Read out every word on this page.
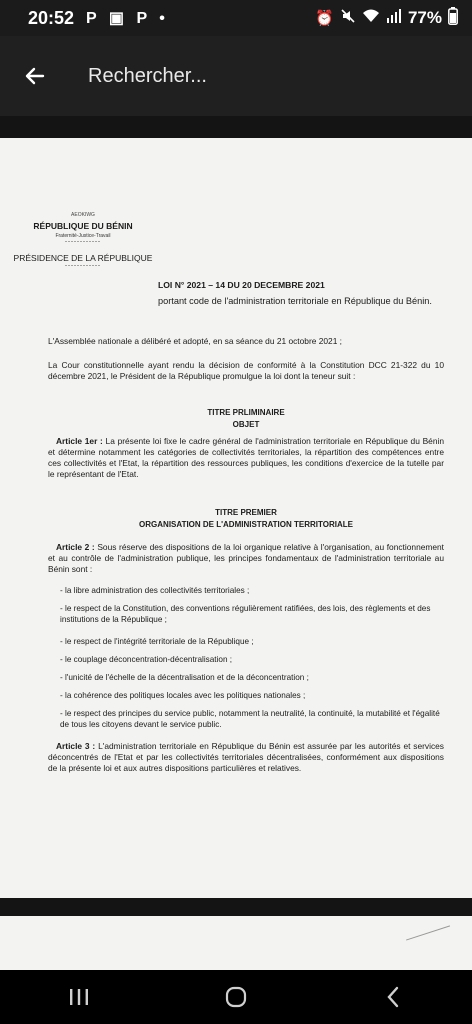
20:52 P ▣ P •	⏰	77%
Rechercher...
AEOKIWG
RÉPUBLIQUE DU BÉNIN
Fraternité-Justice-Travail
------------
PRÉSIDENCE DE LA RÉPUBLIQUE
------------
LOI N° 2021 – 14 DU 20 DECEMBRE 2021
portant code de l'administration territoriale en République du Bénin.
L'Assemblée nationale a délibéré et adopté, en sa séance du 21 octobre 2021 ;
La Cour constitutionnelle ayant rendu la décision de conformité à la Constitution DCC 21-322 du 10 décembre 2021, le Président de la République promulgue la loi dont la teneur suit :
TITRE PRLIMINAIRE
OBJET
Article 1er : La présente loi fixe le cadre général de l'administration territoriale en République du Bénin et détermine notamment les catégories de collectivités territoriales, la répartition des compétences entre ces collectivités et l'Etat, la répartition des ressources publiques, les conditions d'exercice de la tutelle par le représentant de l'Etat.
TITRE PREMIER
ORGANISATION DE L'ADMINISTRATION TERRITORIALE
Article 2 : Sous réserve des dispositions de la loi organique relative à l'organisation, au fonctionnement et au contrôle de l'administration publique, les principes fondamentaux de l'administration territoriale au Bénin sont :
- la libre administration des collectivités territoriales ;
- le respect de la Constitution, des conventions régulièrement ratifiées, des lois, des règlements et des institutions de la République ;
- le respect de l'intégrité territoriale de la République ;
- le couplage déconcentration-décentralisation ;
- l'unicité de l'échelle de la décentralisation et de la déconcentration ;
- la cohérence des politiques locales avec les politiques nationales ;
- le respect des principes du service public, notamment la neutralité, la continuité, la mutabilité et l'égalité de tous les citoyens devant le service public.
Article 3 : L'administration territoriale en République du Bénin est assurée par les autorités et services déconcentrés de l'Etat et par les collectivités territoriales décentralisées, conformément aux dispositions de la présente loi et aux autres dispositions particulières et relatives.
